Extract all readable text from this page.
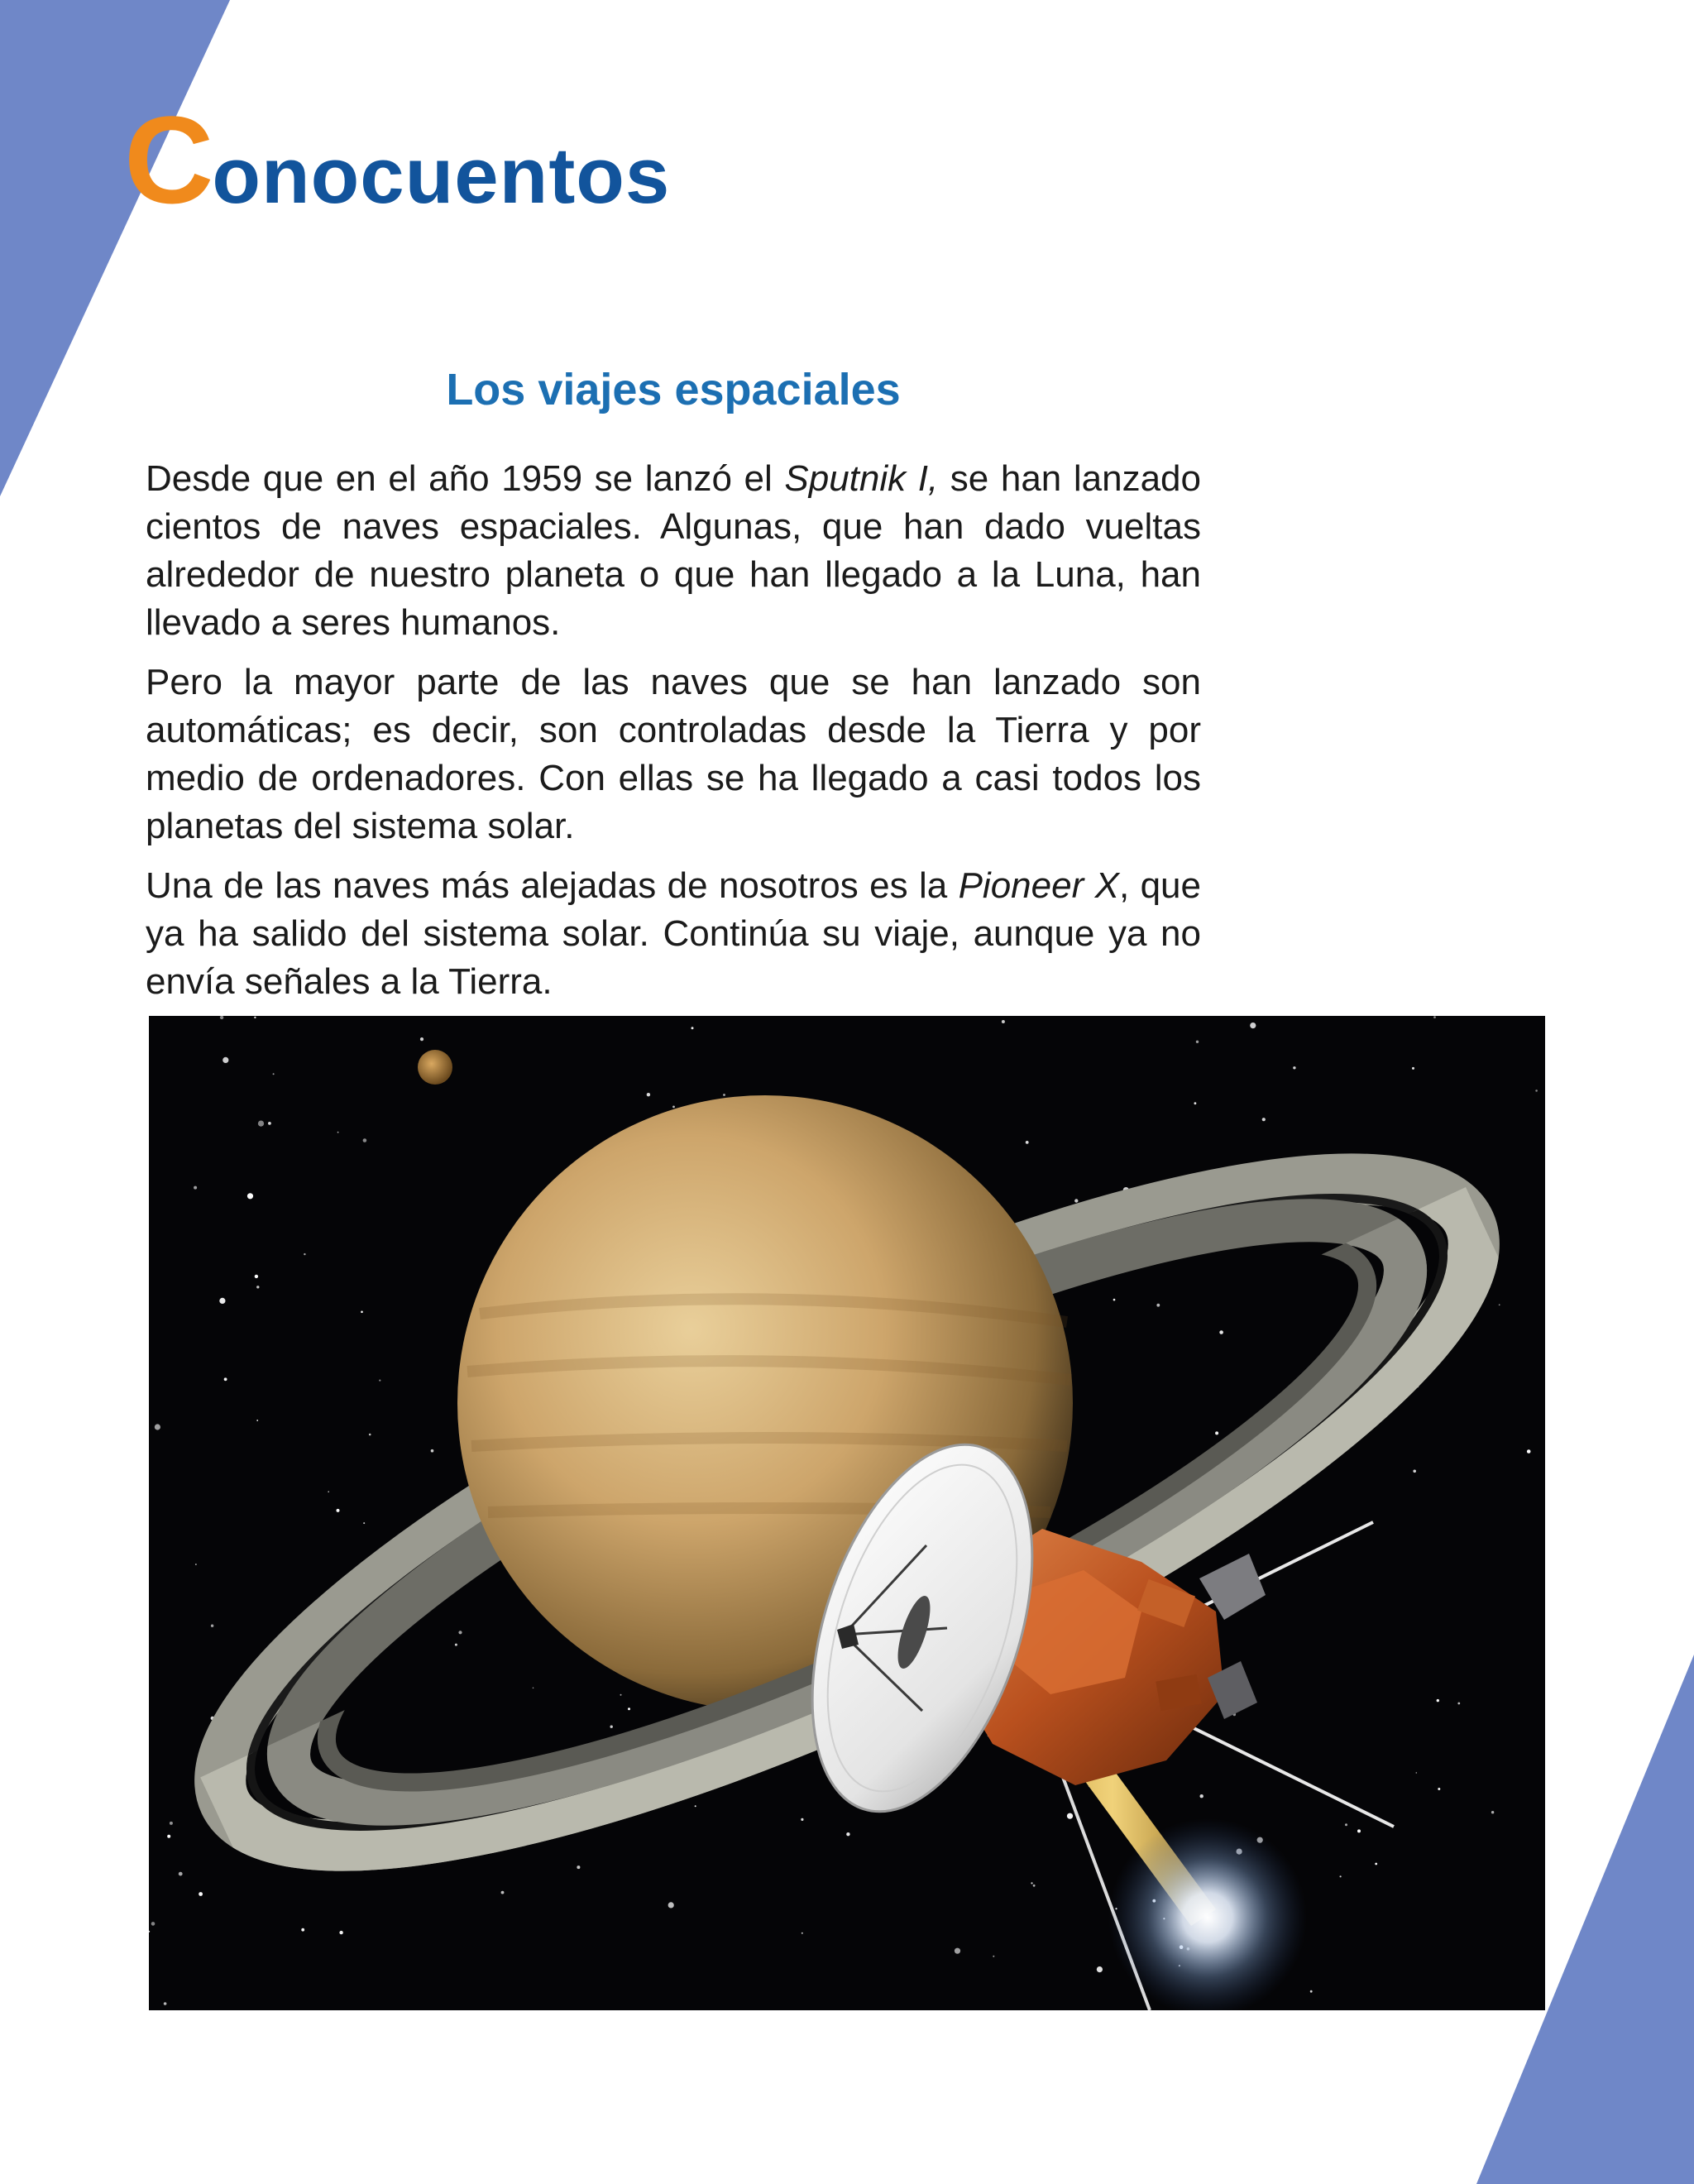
Conocuentos
Los viajes espaciales

Desde que en el año 1959 se lanzó el Sputnik I, se han lanzado cientos de naves espaciales. Algunas, que han dado vueltas alrededor de nuestro planeta o que han llegado a la Luna, han llevado a seres humanos.

Pero la mayor parte de las naves que se han lanzado son automáticas; es decir, son controladas desde la Tierra y por medio de ordenadores. Con ellas se ha llegado a casi todos los planetas del sistema solar.

Una de las naves más alejadas de nosotros es la Pioneer X, que ya ha salido del sistema solar. Continúa su viaje, aunque ya no envía señales a la Tierra.
